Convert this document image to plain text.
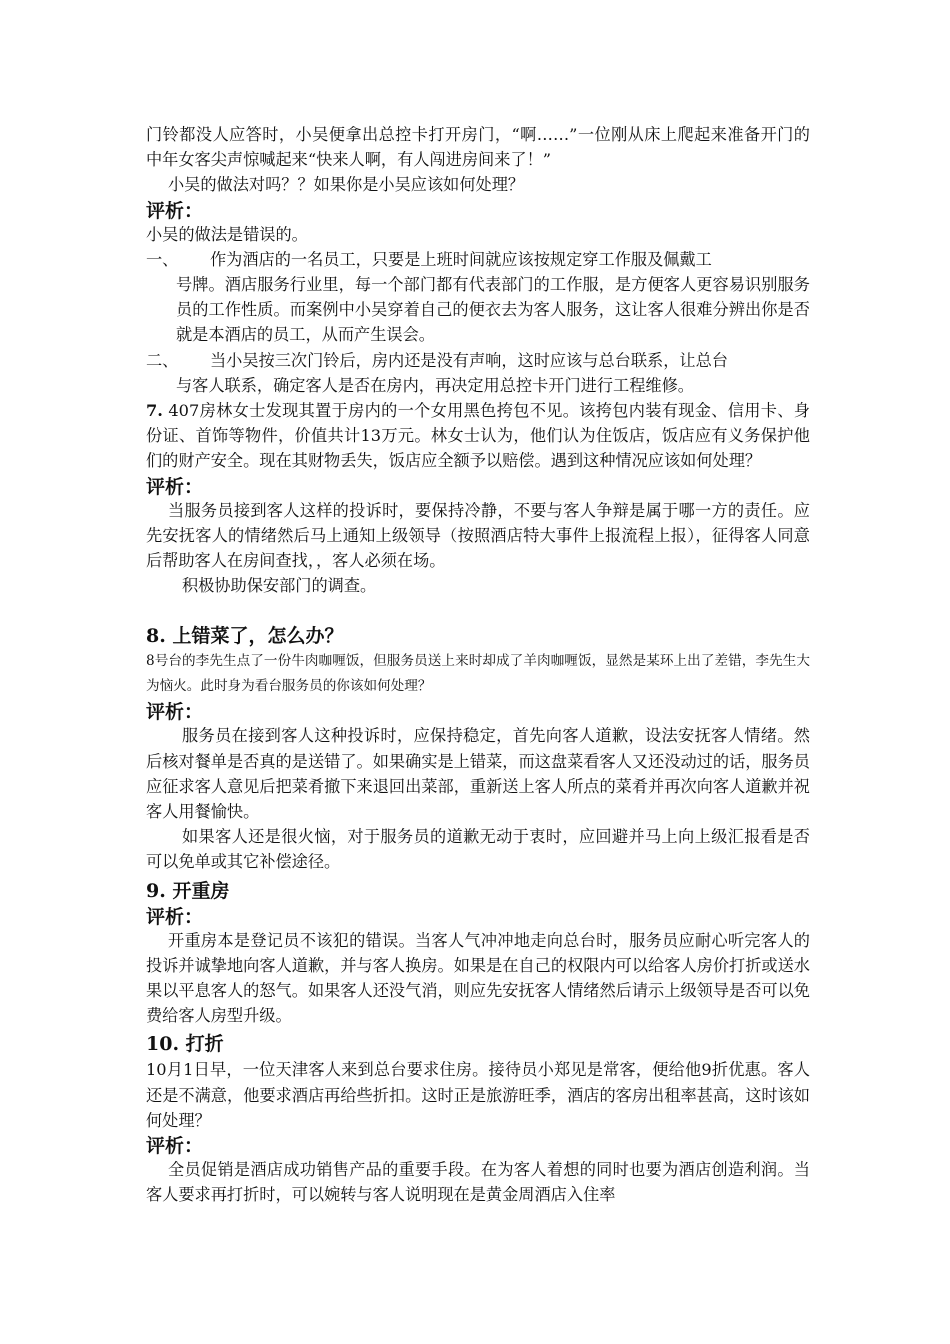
门铃都没人应答时，小吴便拿出总控卡打开房门，“啊……”一位刚从床上爬起来准备开门的中年女客尖声惊喊起来“快来人啊，有人闯进房间来了！”

小吴的做法对吗？？如果你是小吴应该如何处理？

评析：

小吴的做法是错误的。

一、	作为酒店的一名员工，只要是上班时间就应该按规定穿工作服及佩戴工

号牌。酒店服务行业里，每一个部门都有代表部门的工作服，是方便客人更容易识别服务员的工作性质。而案例中小吴穿着自己的便衣去为客人服务，这让客人很难分辨出你是否就是本酒店的员工，从而产生误会。

二、	当小吴按三次门铃后，房内还是没有声响，这时应该与总台联系，让总台

与客人联系，确定客人是否在房内，再决定用总控卡开门进行工程维修。

7. 407房林女士发现其置于房内的一个女用黑色挎包不见。该挎包内装有现金、信用卡、身份证、首饰等物件，价值共计13万元。林女士认为，他们认为住饭店，饭店应有义务保护他们的财产安全。现在其财物丢失，饭店应全额予以赔偿。遇到这种情况应该如何处理？

评析：

当服务员接到客人这样的投诉时，要保持冷静，不要与客人争辩是属于哪一方的责任。应先安抚客人的情绪然后马上通知上级领导（按照酒店特大事件上报流程上报），征得客人同意后帮助客人在房间查找，，客人必须在场。

积极协助保安部门的调查。

8. 上错菜了，怎么办？

8号台的李先生点了一份牛肉咖喱饭，但服务员送上来时却成了羊肉咖喱饭，显然是某环上出了差错，李先生大为恼火。此时身为看台服务员的你该如何处理？

评析：

服务员在接到客人这种投诉时，应保持稳定，首先向客人道歉，设法安抚客人情绪。然后核对餐单是否真的是送错了。如果确实是上错菜，而这盘菜看客人又还没动过的话，服务员应征求客人意见后把菜肴撤下来退回出菜部，重新送上客人所点的菜肴并再次向客人道歉并祝客人用餐愉快。

如果客人还是很火恼，对于服务员的道歉无动于衷时，应回避并马上向上级汇报看是否可以免单或其它补偿途径。

9. 开重房

评析：

开重房本是登记员不该犯的错误。当客人气冲冲地走向总台时，服务员应耐心听完客人的投诉并诚挚地向客人道歉，并与客人换房。如果是在自己的权限内可以给客人房价打折或送水果以平息客人的怒气。如果客人还没气消，则应先安抚客人情绪然后请示上级领导是否可以免费给客人房型升级。

10. 打折

10月1日早，一位天津客人来到总台要求住房。接待员小郑见是常客，便给他9折优惠。客人还是不满意，他要求酒店再给些折扣。这时正是旅游旺季，酒店的客房出租率甚高，这时该如何处理？

评析：

全员促销是酒店成功销售产品的重要手段。在为客人着想的同时也要为酒店创造利润。当客人要求再打折时，可以婉转与客人说明现在是黄金周酒店入住率
